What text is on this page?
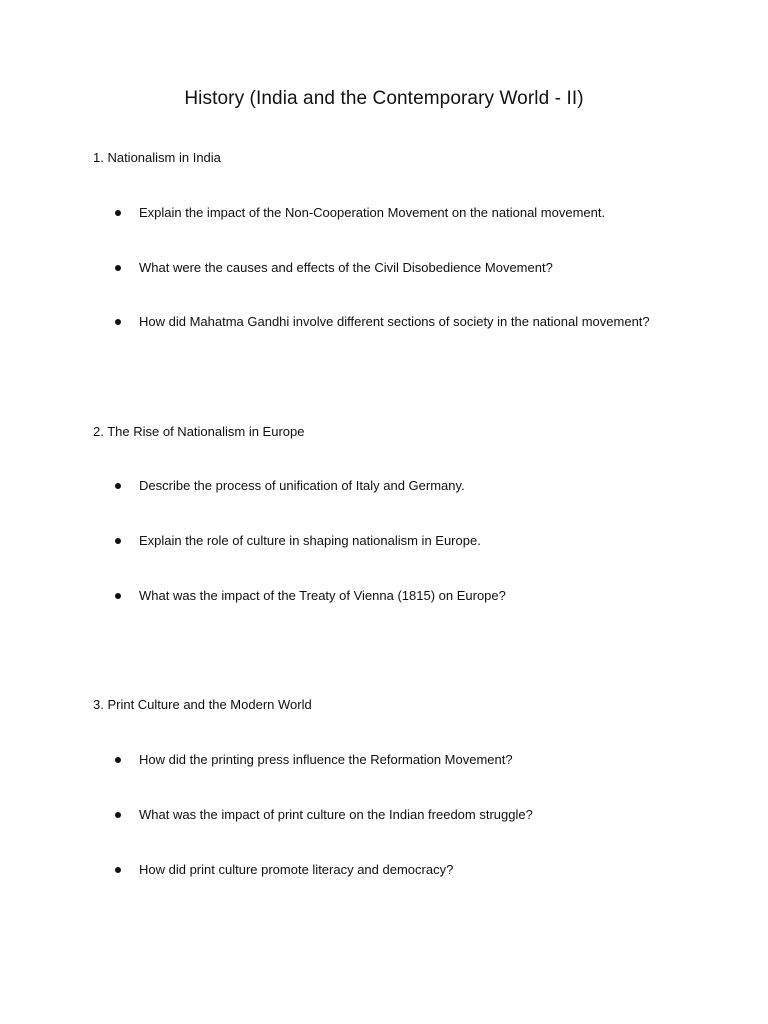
History (India and the Contemporary World - II)
1. Nationalism in India
Explain the impact of the Non-Cooperation Movement on the national movement.
What were the causes and effects of the Civil Disobedience Movement?
How did Mahatma Gandhi involve different sections of society in the national movement?
2. The Rise of Nationalism in Europe
Describe the process of unification of Italy and Germany.
Explain the role of culture in shaping nationalism in Europe.
What was the impact of the Treaty of Vienna (1815) on Europe?
3. Print Culture and the Modern World
How did the printing press influence the Reformation Movement?
What was the impact of print culture on the Indian freedom struggle?
How did print culture promote literacy and democracy?
